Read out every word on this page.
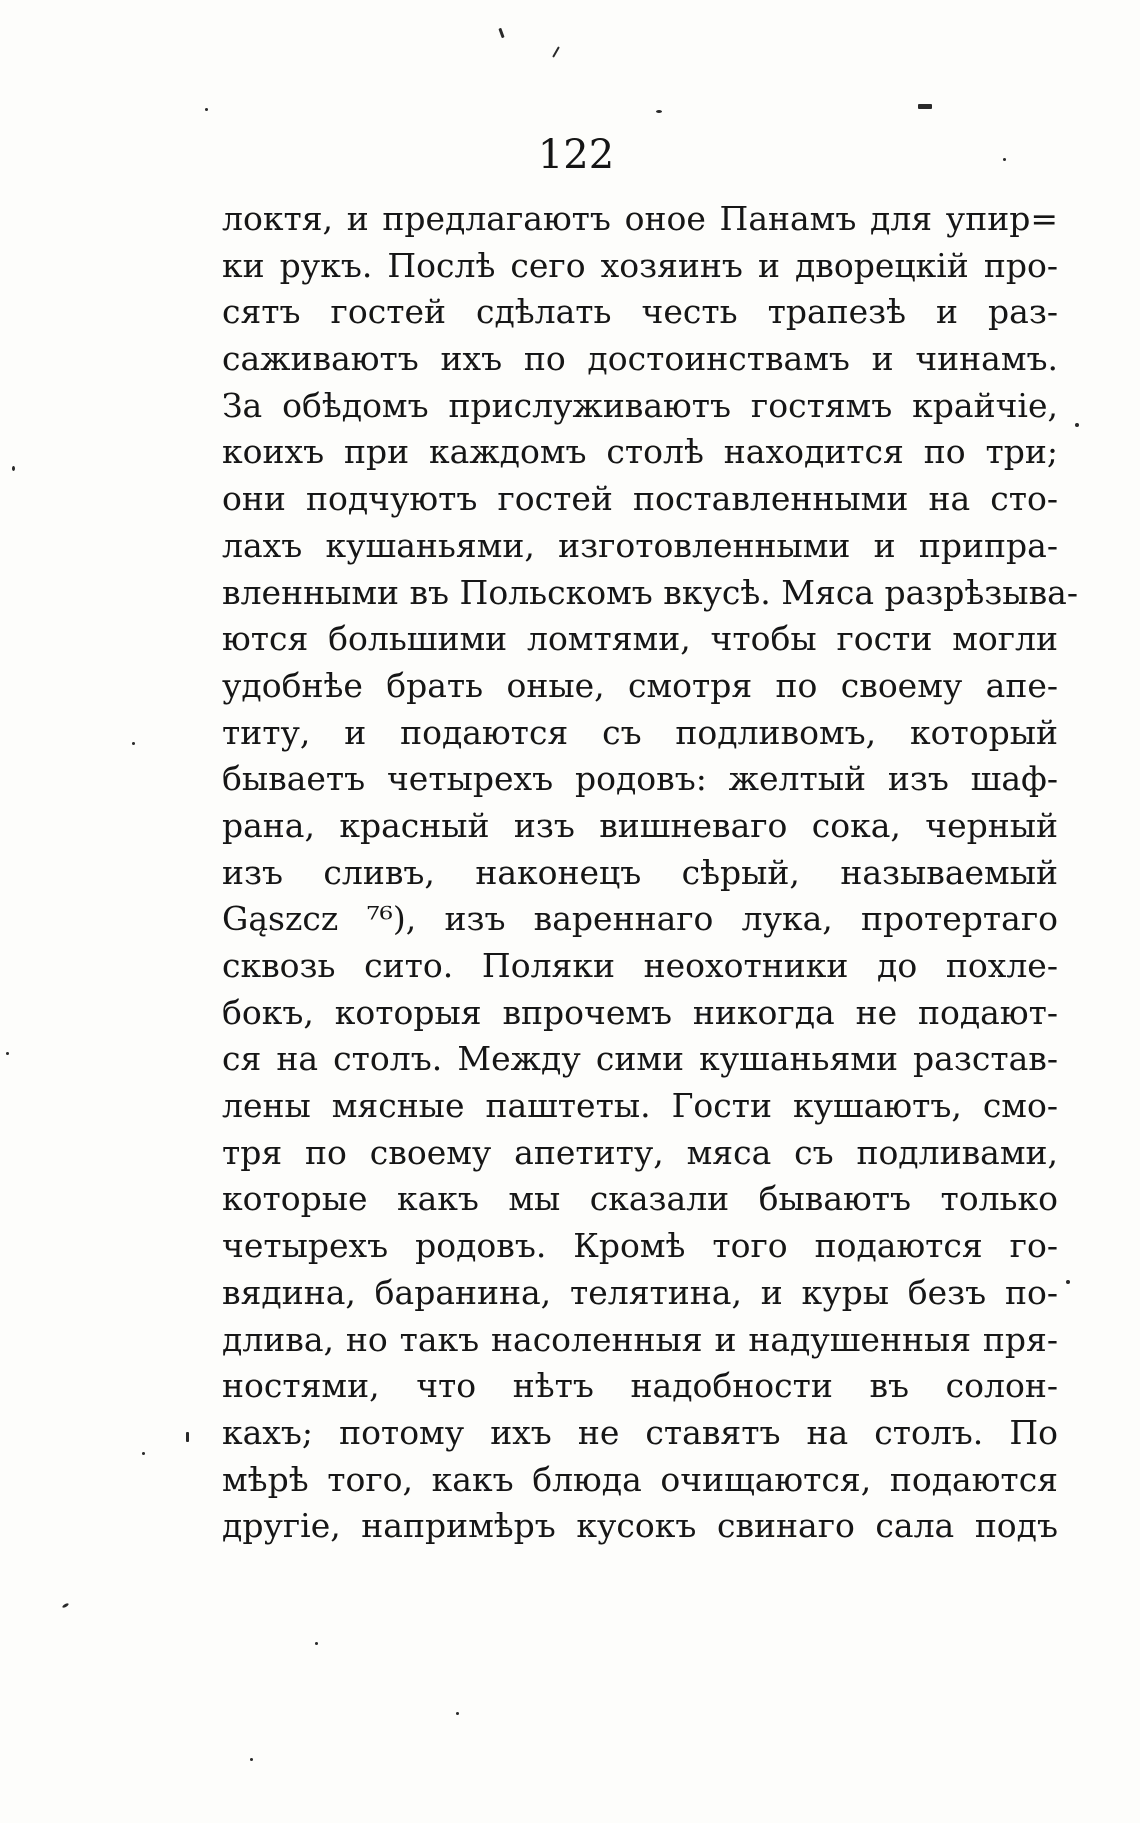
122
локтя, и предлагаютъ оное Панамъ для упир=
ки рукъ. Послѣ сего хозяинъ и дворецкій про-
сятъ гостей сдѣлать честь трапезѣ и раз-
саживаютъ ихъ по достоинствамъ и чинамъ.
За обѣдомъ прислуживаютъ гостямъ крайчіе,
коихъ при каждомъ столѣ находится по три;
они подчуютъ гостей поставленными на сто-
лахъ кушаньями, изготовленными и припра-
вленными въ Польскомъ вкусѣ. Мяса разрѣзыва-
ются большими ломтями, чтобы гости могли
удобнѣе брать оные, смотря по своему апе-
титу, и подаются съ подливомъ, который
бываетъ четырехъ родовъ: желтый изъ шаф-
рана, красный изъ вишневаго сока, черный
изъ сливъ, наконецъ сѣрый, называемый
Gąszcz ⁷⁶), изъ вареннаго лука, протертаго
сквозь сито. Поляки неохотники до похле-
бокъ, которыя впрочемъ никогда не подают-
ся на столъ. Между сими кушаньями разстав-
лены мясные паштеты. Гости кушаютъ, смо-
тря по своему апетиту, мяса съ подливами,
которые какъ мы сказали бываютъ только
четырехъ родовъ. Кромѣ того подаются го-
вядина, баранина, телятина, и куры безъ по-
длива, но такъ насоленныя и надушенныя пря-
ностями, что нѣтъ надобности въ солон-
кахъ; потому ихъ не ставятъ на столъ. По
мѣрѣ того, какъ блюда очищаются, подаются
другіе, напримѣръ кусокъ свинаго сала подъ
